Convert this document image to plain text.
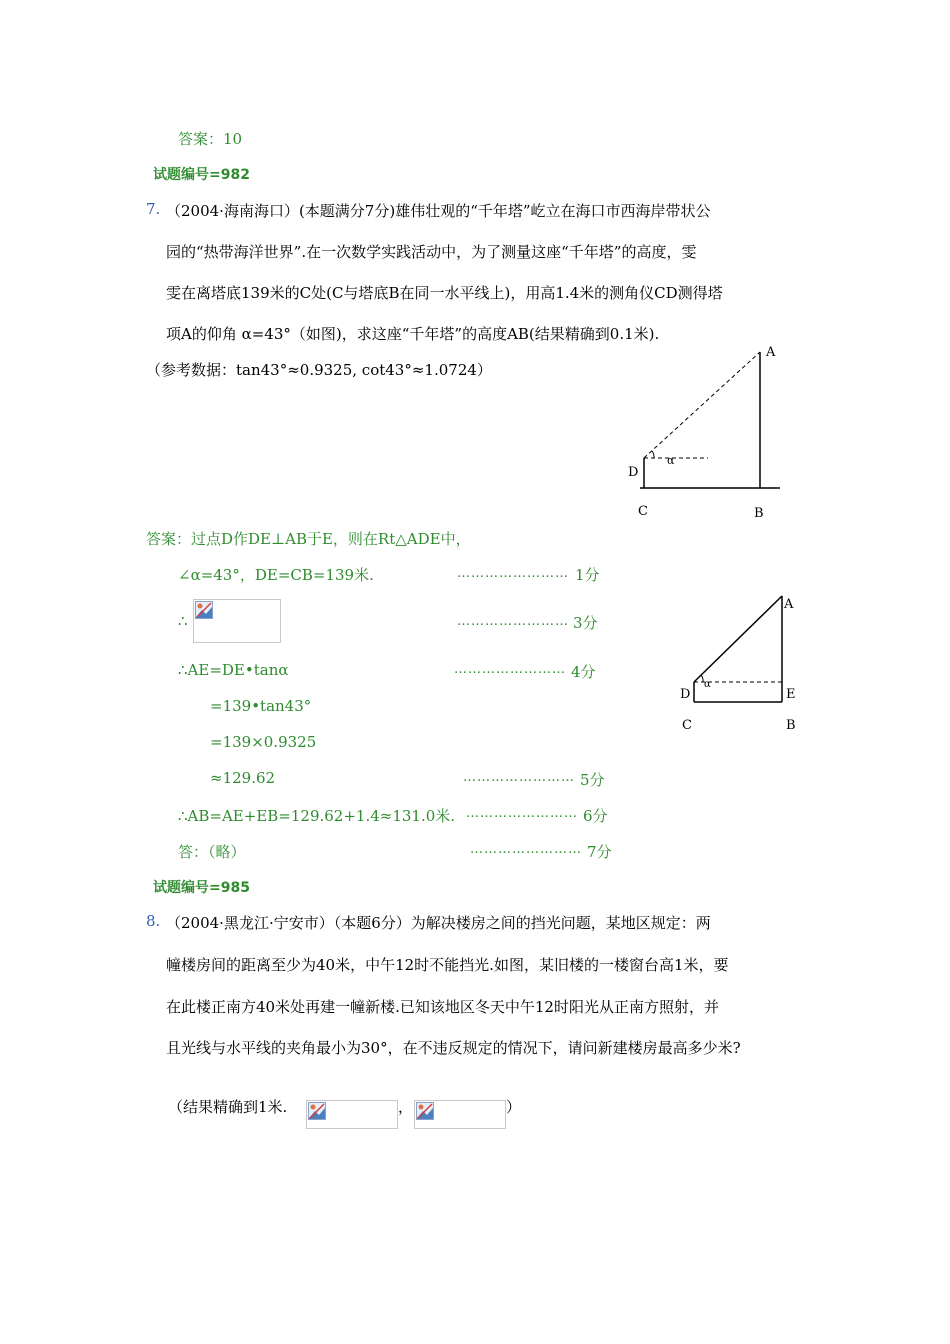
答案：10
试题编号=982
7. （2004·海南海口）(本题满分7分)雄伟壮观的“千年塔”屹立在海口市西海岸带状公
园的“热带海洋世界”.在一次数学实践活动中，为了测量这座“千年塔”的高度，雯
雯在离塔底139米的C处(C与塔底B在同一水平线上)，用高1.4米的测角仪CD测得塔
项A的仰角 α=43°（如图)，求这座“千年塔”的高度AB(结果精确到0.1米).
（参考数据：tan43°≈0.9325, cot43°≈1.0724）
α
A
D
C	B
答案：过点D作DE⊥AB于E，则在Rt△ADE中，
∠α=43°，DE=CB=139米.	…………………… 1分
∴	…………………… 3分
∴AE=DE•tanα	…………………… 4分
=139•tan43°
=139×0.9325
≈129.62	…………………… 5分
∴AB=AE+EB=129.62+1.4≈131.0米. …………………… 6分
答：（略）	…………………… 7分
α
A
D	E
C	B
试题编号=985
8. （2004·黑龙江·宁安市）（本题6分）为解决楼房之间的挡光问题，某地区规定：两
幢楼房间的距离至少为40米，中午12时不能挡光.如图，某旧楼的一楼窗台高1米，要
在此楼正南方40米处再建一幢新楼.已知该地区冬天中午12时阳光从正南方照射，并
且光线与水平线的夹角最小为30°，在不违反规定的情况下，请问新建楼房最高多少米?
（结果精确到1米.	，	）
